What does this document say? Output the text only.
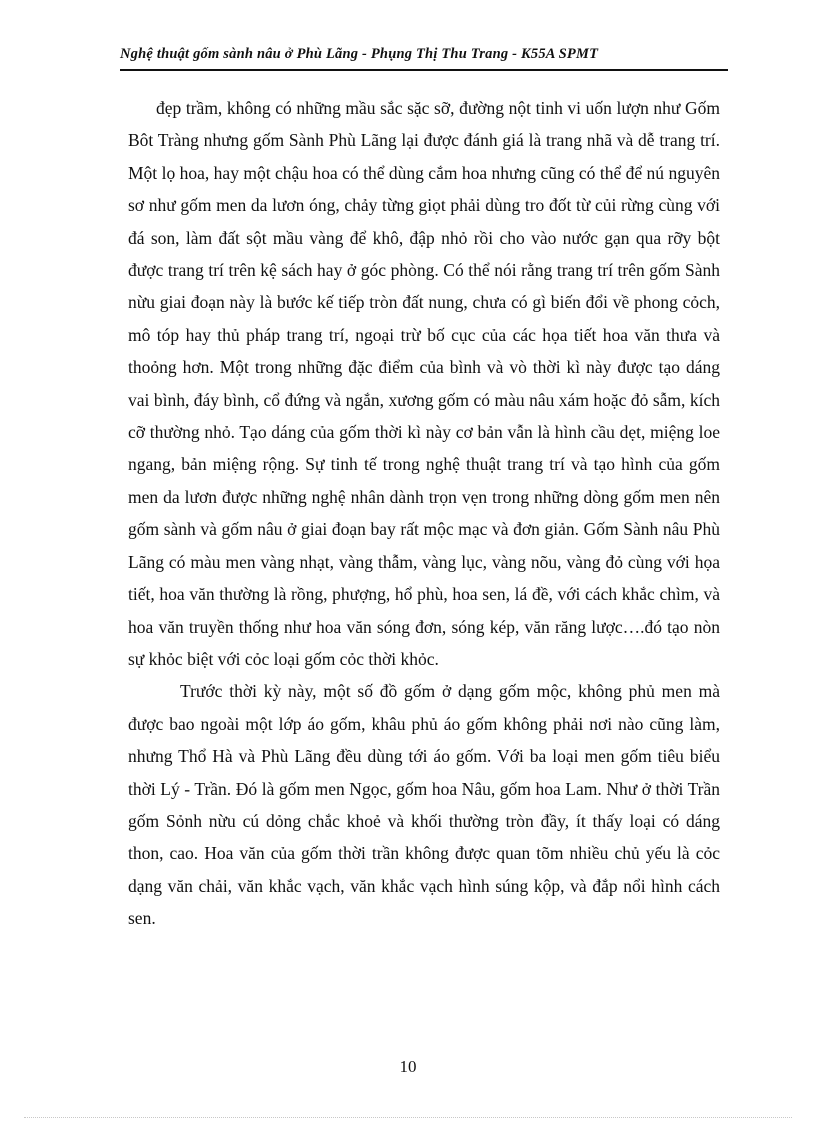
Nghệ thuật gốm sành nâu ở Phù Lãng - Phụng Thị Thu Trang - K55A SPMT

đẹp trầm, không có những mầu sắc sặc sỡ, đường nột tinh vi uốn lượn như Gốm Bôt Tràng nhưng gốm Sành Phù Lãng lại được đánh giá là trang nhã và dễ trang trí. Một lọ hoa, hay một chậu hoa có thể dùng cắm hoa nhưng cũng có thể để nú nguyên sơ như gốm men da lươn óng, chảy từng giọt phải dùng tro đốt từ củi rừng cùng với đá son, làm đất sột mầu vàng để khô, đập nhỏ rồi cho vào nước gạn qua rỡy bột được trang trí trên kệ sách hay ở góc phòng. Có thể nói rằng trang trí trên gốm Sành nừu giai đoạn này là bước kế tiếp tròn đất nung, chưa có gì biến đổi về phong cỏch, mô tóp hay thủ pháp trang trí, ngoại trừ bố cục của các họa tiết hoa văn thưa và thoỏng hơn. Một trong những đặc điểm của bình và vò thời kì này được tạo dáng vai bình, đáy bình, cổ đứng và ngắn, xương gốm có màu nâu xám hoặc đỏ sẫm, kích cỡ thường nhỏ. Tạo dáng của gốm thời kì này cơ bản vẫn là hình cầu dẹt, miệng loe ngang, bản miệng rộng. Sự tinh tế trong nghệ thuật trang trí và tạo hình của gốm men da lươn được những nghệ nhân dành trọn vẹn trong những dòng gốm men nên gốm sành và gốm nâu ở giai đoạn bay rất mộc mạc và đơn giản. Gốm Sành nâu Phù Lãng có màu men vàng nhạt, vàng thẫm, vàng lục, vàng nõu, vàng đỏ cùng với họa tiết, hoa văn thường là rồng, phượng, hổ phù, hoa sen, lá đề, với cách khắc chìm, và hoa văn truyền thống như hoa văn sóng đơn, sóng kép, văn răng lược….đó tạo nòn sự khỏc biệt với cỏc loại gốm cỏc thời khỏc.

Trước thời kỳ này, một số đồ gốm ở dạng gốm mộc, không phủ men mà được bao ngoài một lớp áo gốm, khâu phủ áo gốm không phải nơi nào cũng làm, nhưng Thổ Hà và Phù Lãng đều dùng tới áo gốm. Với ba loại men gốm tiêu biểu thời Lý - Trần. Đó là gốm men Ngọc, gốm hoa Nâu, gốm hoa Lam. Như ở thời Trần gốm Sỏnh nừu cú dỏng chắc khoẻ và khối thường tròn đầy, ít thấy loại có dáng thon, cao. Hoa văn của gốm thời trần không được quan tõm nhiều chủ yếu là cỏc dạng văn chải, văn khắc vạch, văn khắc vạch hình súng kộp, và đắp nổi hình cách sen.

10
